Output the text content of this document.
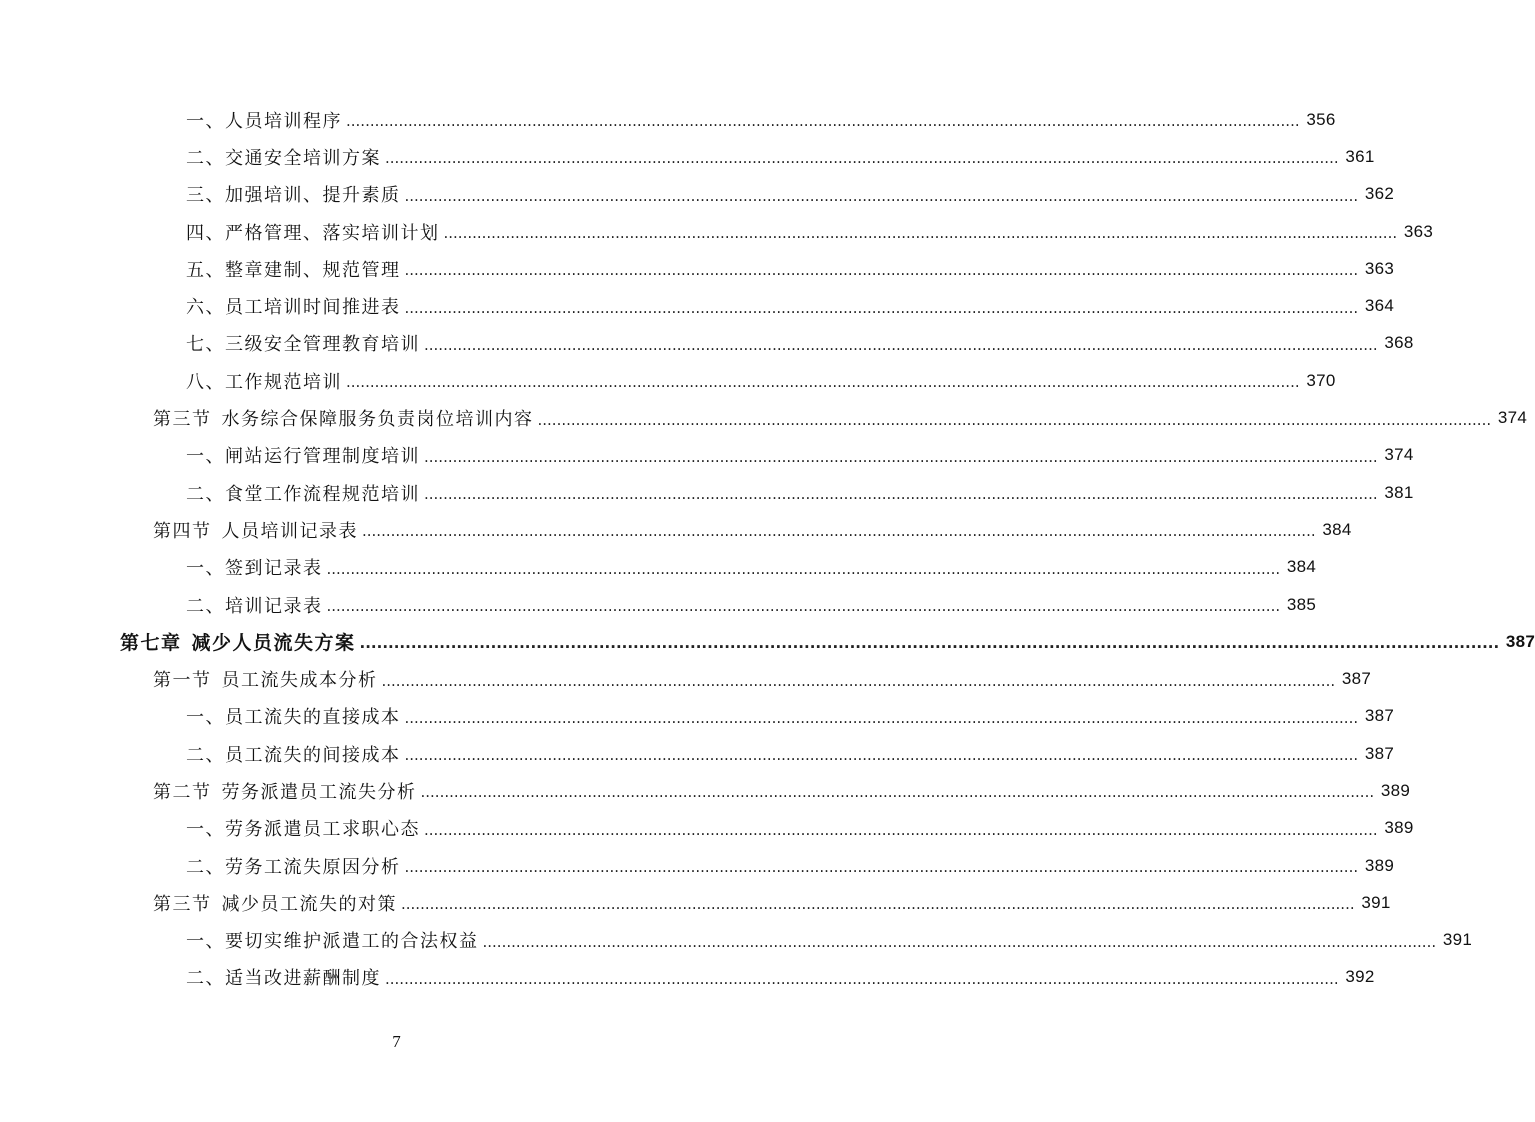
一、人员培训程序 ........................................................................................................................................................................................................ 356
二、交通安全培训方案 ........................................................................................................................................................................................................ 361
三、加强培训、提升素质 ........................................................................................................................................................................................................ 362
四、严格管理、落实培训计划 ........................................................................................................................................................................................................ 363
五、整章建制、规范管理 ........................................................................................................................................................................................................ 363
六、员工培训时间推进表 ........................................................................................................................................................................................................ 364
七、三级安全管理教育培训 ........................................................................................................................................................................................................ 368
八、工作规范培训 ........................................................................................................................................................................................................ 370
第三节 水务综合保障服务负责岗位培训内容 ........................................................................................................................................................................................................ 374
一、闸站运行管理制度培训 ........................................................................................................................................................................................................ 374
二、食堂工作流程规范培训 ........................................................................................................................................................................................................ 381
第四节 人员培训记录表 ........................................................................................................................................................................................................ 384
一、签到记录表 ........................................................................................................................................................................................................ 384
二、培训记录表 ........................................................................................................................................................................................................ 385
第七章 减少人员流失方案 ........................................................................................................................................................................................................ 387
第一节 员工流失成本分析 ........................................................................................................................................................................................................ 387
一、员工流失的直接成本 ........................................................................................................................................................................................................ 387
二、员工流失的间接成本 ........................................................................................................................................................................................................ 387
第二节 劳务派遣员工流失分析 ........................................................................................................................................................................................................ 389
一、劳务派遣员工求职心态 ........................................................................................................................................................................................................ 389
二、劳务工流失原因分析 ........................................................................................................................................................................................................ 389
第三节 减少员工流失的对策 ........................................................................................................................................................................................................ 391
一、要切实维护派遣工的合法权益 ........................................................................................................................................................................................................ 391
二、适当改进薪酬制度 ........................................................................................................................................................................................................ 392
7
